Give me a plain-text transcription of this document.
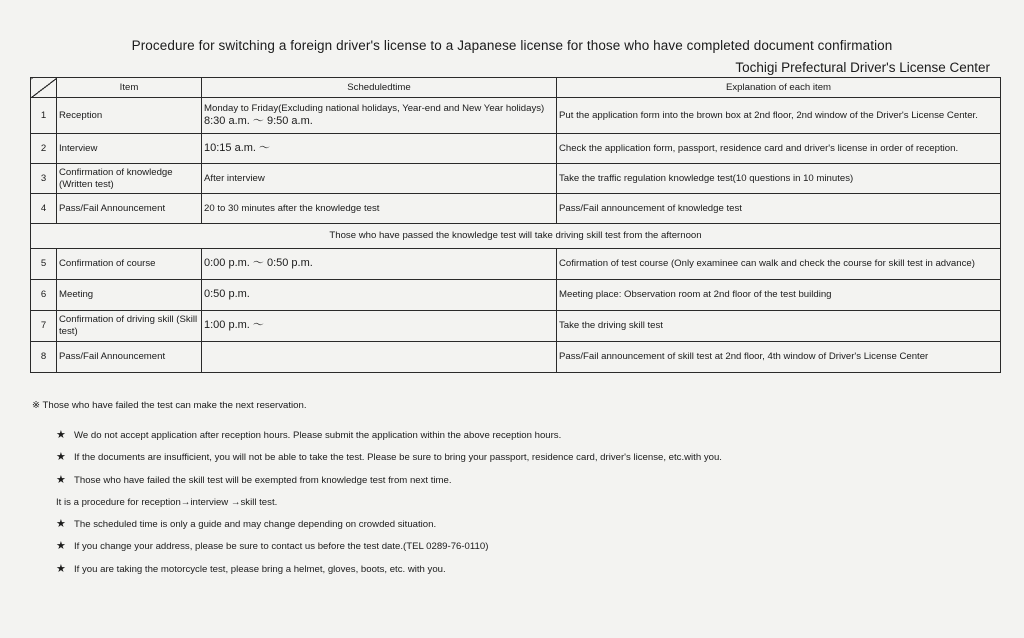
Procedure for switching a foreign driver's license to a Japanese license for those who have completed document confirmation
Tochigi Prefectural Driver's License Center
	Item	Scheduledtime	Explanation of each item
1	Reception	Monday to Friday(Excluding national holidays, Year-end and New Year holidays)
8:30 a.m. ～ 9:50 a.m.	Put the application form into the brown box at 2nd floor, 2nd window of the Driver's License Center.
2	Interview	10:15 a.m. ～	Check the application form, passport, residence card and driver's license in order of reception.
3	Confirmation of knowledge (Written test)	After interview	Take the traffic regulation knowledge test(10 questions in 10 minutes)
4	Pass/Fail Announcement	20 to 30 minutes after the knowledge test	Pass/Fail announcement of knowledge test
Those who have passed the knowledge test will take driving skill test from the afternoon			
5	Confirmation of course	0:00 p.m. ～ 0:50 p.m.	Cofirmation of test course (Only examinee can walk and check the course for skill test in advance)
6	Meeting	0:50 p.m.	Meeting place: Observation room at 2nd floor of the test building
7	Confirmation of driving skill (Skill test)	1:00 p.m. ～	Take the driving skill test
8	Pass/Fail Announcement		Pass/Fail announcement of skill test at 2nd floor, 4th window of Driver's License Center
※ Those who have failed the test can make the next reservation.
★ We do not accept application after reception hours. Please submit the application within the above reception hours.
★ If the documents are insufficient, you will not be able to take the test. Please be sure to bring your passport, residence card, driver's license, etc.with you.
★ Those who have failed the skill test will be exempted from knowledge test from next time.
It is a procedure for reception→interview →skill test.
★ The scheduled time is only a guide and may change depending on crowded situation.
★ If you change your address, please be sure to contact us before the test date.(TEL 0289-76-0110)
★ If you are taking the motorcycle test, please bring a helmet, gloves, boots, etc. with you.
